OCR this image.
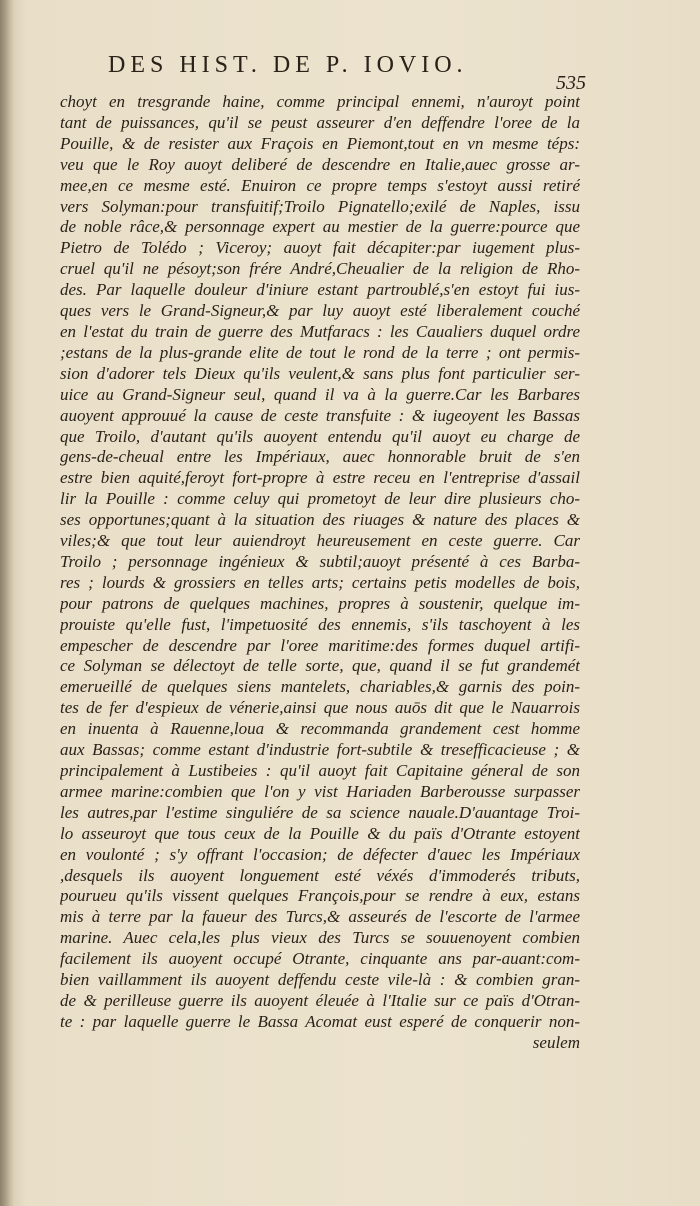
DES HIST. DE P. IOVIO.
535
choyt en tresgrande haine, comme principal ennemi, n'auroyt point
tant de puissances, qu'il se peust asseurer d'en deffendre l'oree de la
Pouille, & de resister aux Fraçois en Piemont,tout en vn mesme téps:
veu que le Roy auoyt deliberé de descendre en Italie,auec grosse ar-
mee,en ce mesme esté. Enuiron ce propre temps s'estoyt aussi retiré
vers Solyman:pour transfuitif;Troilo Pignatello;exilé de Naples, issu
de noble râce,& personnage expert au mestier de la guerre:pource que
Pietro de Tolédo ; Viceroy; auoyt fait décapiter:par iugement plus-
cruel qu'il ne pésoyt;son frére André,Cheualier de la religion de Rho-
des. Par laquelle douleur d'iniure estant partroublé,s'en estoyt fui ius-
ques vers le Grand-Signeur,& par luy auoyt esté liberalement couché
en l'estat du train de guerre des Mutfaracs : les Caualiers duquel ordre
;estans de la plus-grande elite de tout le rond de la terre ; ont permis-
sion d'adorer tels Dieux qu'ils veulent,& sans plus font particulier ser-
uice au Grand-Signeur seul, quand il va à la guerre.Car les Barbares
auoyent approuué la cause de ceste transfuite : & iugeoyent les Bassas
que Troilo, d'autant qu'ils auoyent entendu qu'il auoyt eu charge de
gens-de-cheual entre les Impériaux, auec honnorable bruit de s'en
estre bien aquité,feroyt fort-propre à estre receu en l'entreprise d'assail
lir la Pouille : comme celuy qui prometoyt de leur dire plusieurs cho-
ses opportunes;quant à la situation des riuages & nature des places &
viles;& que tout leur auiendroyt heureusement en ceste guerre. Car
Troilo ; personnage ingénieux & subtil;auoyt présenté à ces Barba-
res ; lourds & grossiers en telles arts; certains petis modelles de bois,
pour patrons de quelques machines, propres à soustenir, quelque im-
prouiste qu'elle fust, l'impetuosité des ennemis, s'ils taschoyent à les
empescher de descendre par l'oree maritime:des formes duquel artifi-
ce Solyman se délectoyt de telle sorte, que, quand il se fut grandemét
emerueillé de quelques siens mantelets, chariables,& garnis des poin-
tes de fer d'espieux de vénerie,ainsi que nous auōs dit que le Nauarrois
en inuenta à Rauenne,loua & recommanda grandement cest homme
aux Bassas; comme estant d'industrie fort-subtile & tresefficacieuse ; &
principalement à Lustibeies : qu'il auoyt fait Capitaine géneral de son
armee marine:combien que l'on y vist Hariaden Barberousse surpasser
les autres,par l'estime singuliére de sa science nauale.D'auantage Troi-
lo asseuroyt que tous ceux de la Pouille & du païs d'Otrante estoyent
en voulonté ; s'y offrant l'occasion; de défecter d'auec les Impériaux
,desquels ils auoyent longuement esté véxés d'immoderés tributs,
pourueu qu'ils vissent quelques François,pour se rendre à eux, estans
mis à terre par la faueur des Turcs,& asseurés de l'escorte de l'armee
marine. Auec cela,les plus vieux des Turcs se souuenoyent combien
facilement ils auoyent occupé Otrante, cinquante ans par-auant:com-
bien vaillamment ils auoyent deffendu ceste vile-là : & combien gran-
de & perilleuse guerre ils auoyent éleuée à l'Italie sur ce païs d'Otran-
te : par laquelle guerre le Bassa Acomat eust esperé de conquerir non-
seulem
